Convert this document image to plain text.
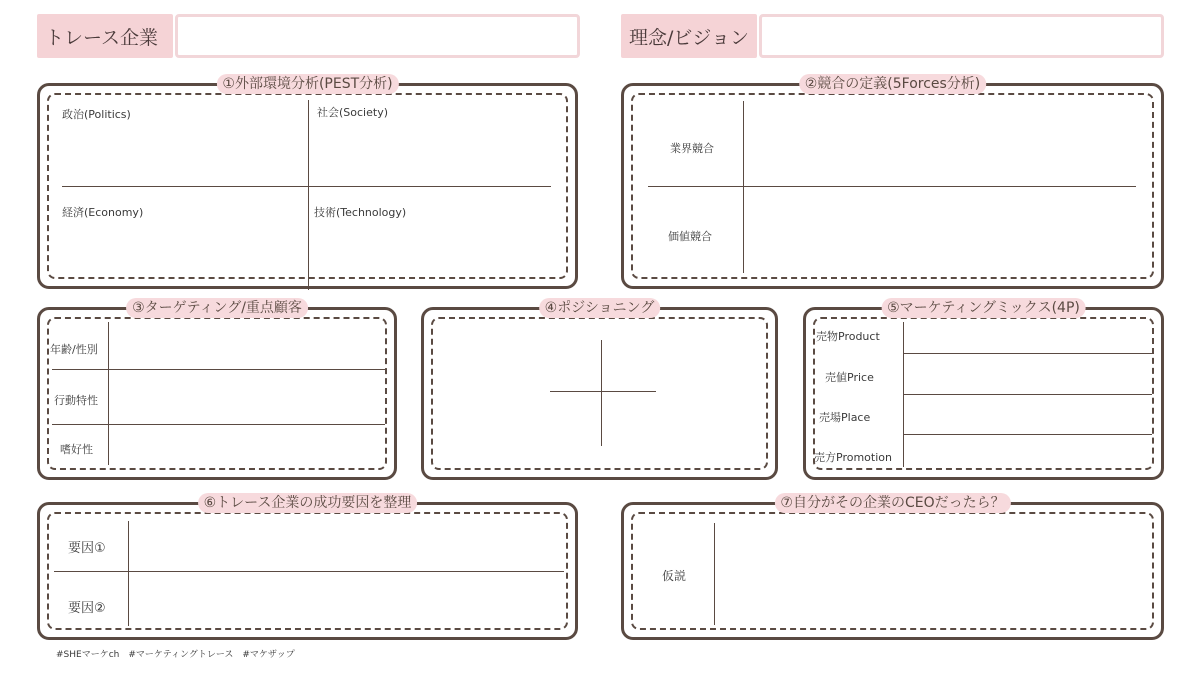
トレース企業	理念/ビジョン
①外部環境分析(PEST分析)
政治(Politics)	社会(Society)
経済(Economy)	技術(Technology)
②競合の定義(5Forces分析)
業界競合
価値競合
③ターゲティング/重点顧客
年齢/性別
行動特性
嗜好性
④ポジショニング	⑤マーケティングミックス(4P)
売物Product
売値Price
売場Place
売方Promotion
⑥トレース企業の成功要因を整理
要因①
要因②
⑦自分がその企業のCEOだったら？
仮説
#SHEマーケch　#マーケティングトレース　#マケザップ
